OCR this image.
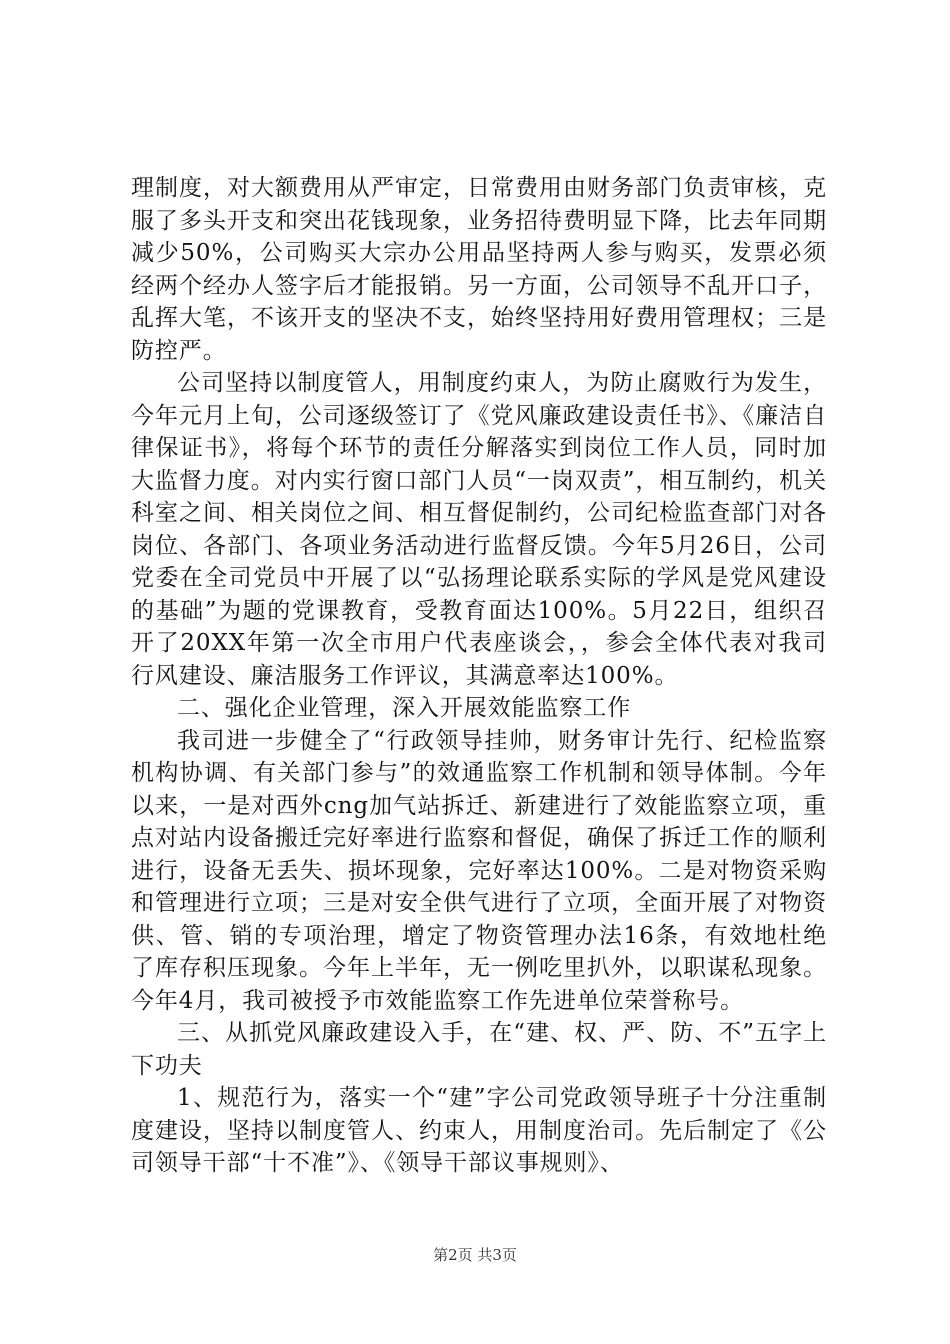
理制度，对大额费用从严审定，日常费用由财务部门负责审核，克服了多头开支和突出花钱现象，业务招待费明显下降，比去年同期减少50%，公司购买大宗办公用品坚持两人参与购买，发票必须经两个经办人签字后才能报销。另一方面，公司领导不乱开口子，乱挥大笔，不该开支的坚决不支，始终坚持用好费用管理权；三是防控严。

公司坚持以制度管人，用制度约束人，为防止腐败行为发生，今年元月上旬，公司逐级签订了《党风廉政建设责任书》、《廉洁自律保证书》，将每个环节的责任分解落实到岗位工作人员，同时加大监督力度。对内实行窗口部门人员“一岗双责”，相互制约，机关科室之间、相关岗位之间、相互督促制约，公司纪检监查部门对各岗位、各部门、各项业务活动进行监督反馈。今年5月26日，公司党委在全司党员中开展了以“弘扬理论联系实际的学风是党风建设的基础”为题的党课教育，受教育面达100%。5月22日，组织召开了20XX年第一次全市用户代表座谈会，，参会全体代表对我司行风建设、廉洁服务工作评议，其满意率达100%。

二、强化企业管理，深入开展效能监察工作

我司进一步健全了“行政领导挂帅，财务审计先行、纪检监察机构协调、有关部门参与”的效通监察工作机制和领导体制。今年以来，一是对西外cng加气站拆迁、新建进行了效能监察立项，重点对站内设备搬迁完好率进行监察和督促，确保了拆迁工作的顺利进行，设备无丢失、损坏现象，完好率达100%。二是对物资采购和管理进行立项；三是对安全供气进行了立项，全面开展了对物资供、管、销的专项治理，增定了物资管理办法16条，有效地杜绝了库存积压现象。今年上半年，无一例吃里扒外，以职谋私现象。今年4月，我司被授予市效能监察工作先进单位荣誉称号。

三、从抓党风廉政建设入手，在“建、权、严、防、不”五字上下功夫

1、规范行为，落实一个“建”字公司党政领导班子十分注重制度建设，坚持以制度管人、约束人，用制度治司。先后制定了《公司领导干部“十不准”》、《领导干部议事规则》、

第2页 共3页
